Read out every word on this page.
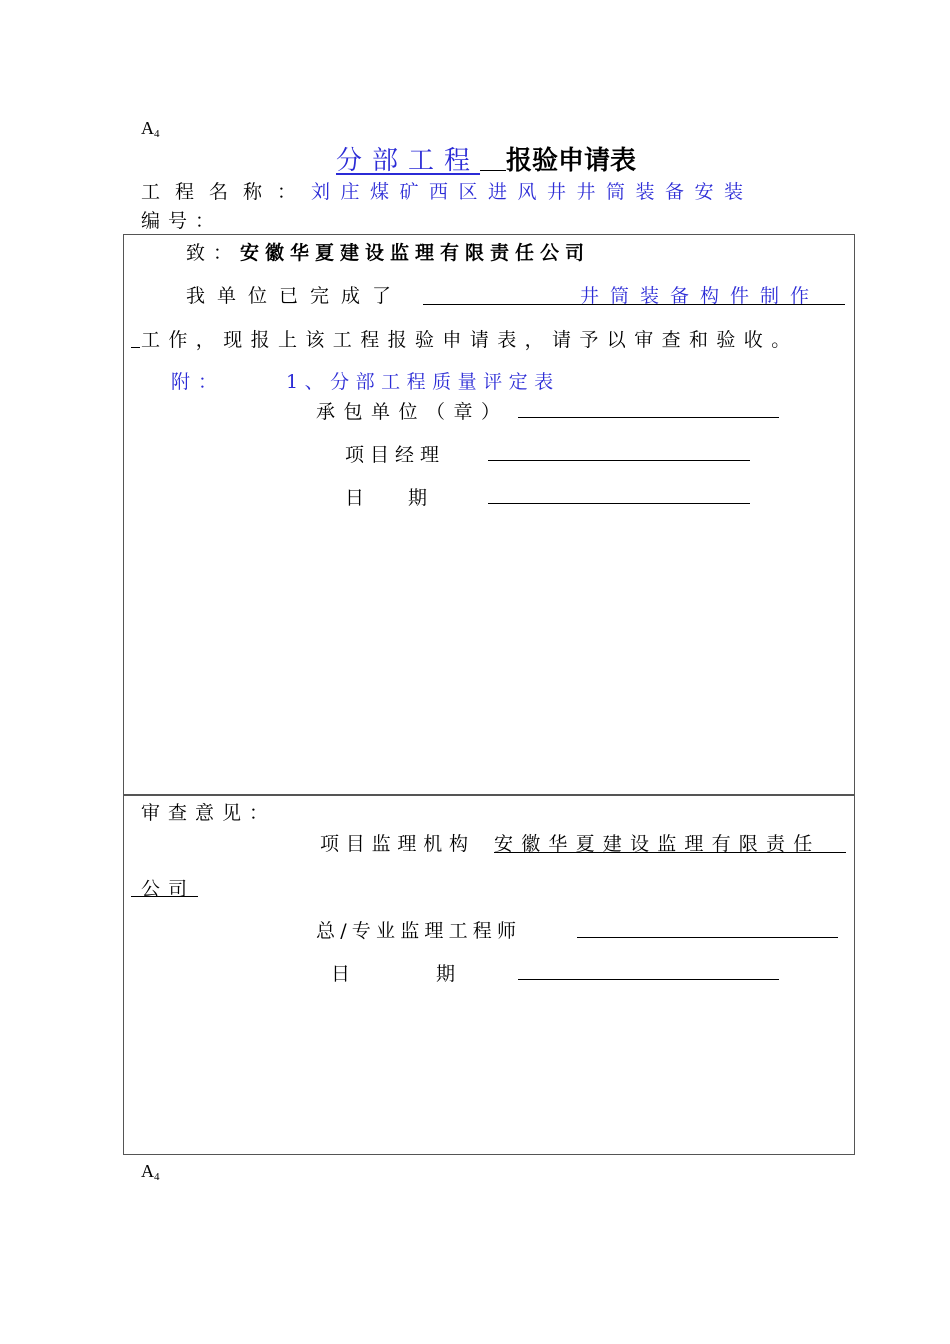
$A_4$
分部工程 报验申请表
工程名称：刘庄煤矿西区进风井井筒装备安装
编号：
致：安徽华夏建设监理有限责任公司
我单位已完成了	井筒装备构件制作
工作，现报上该工程报验申请表，请予以审查和验收。
附：	1、分部工程质量评定表
承包单位（章）
项目经理
日　　期
审查意见：
项目监理机构 安徽华夏建设监理有限责任
公司
总/专业监理工程师
日　　　　期
$A_4$
